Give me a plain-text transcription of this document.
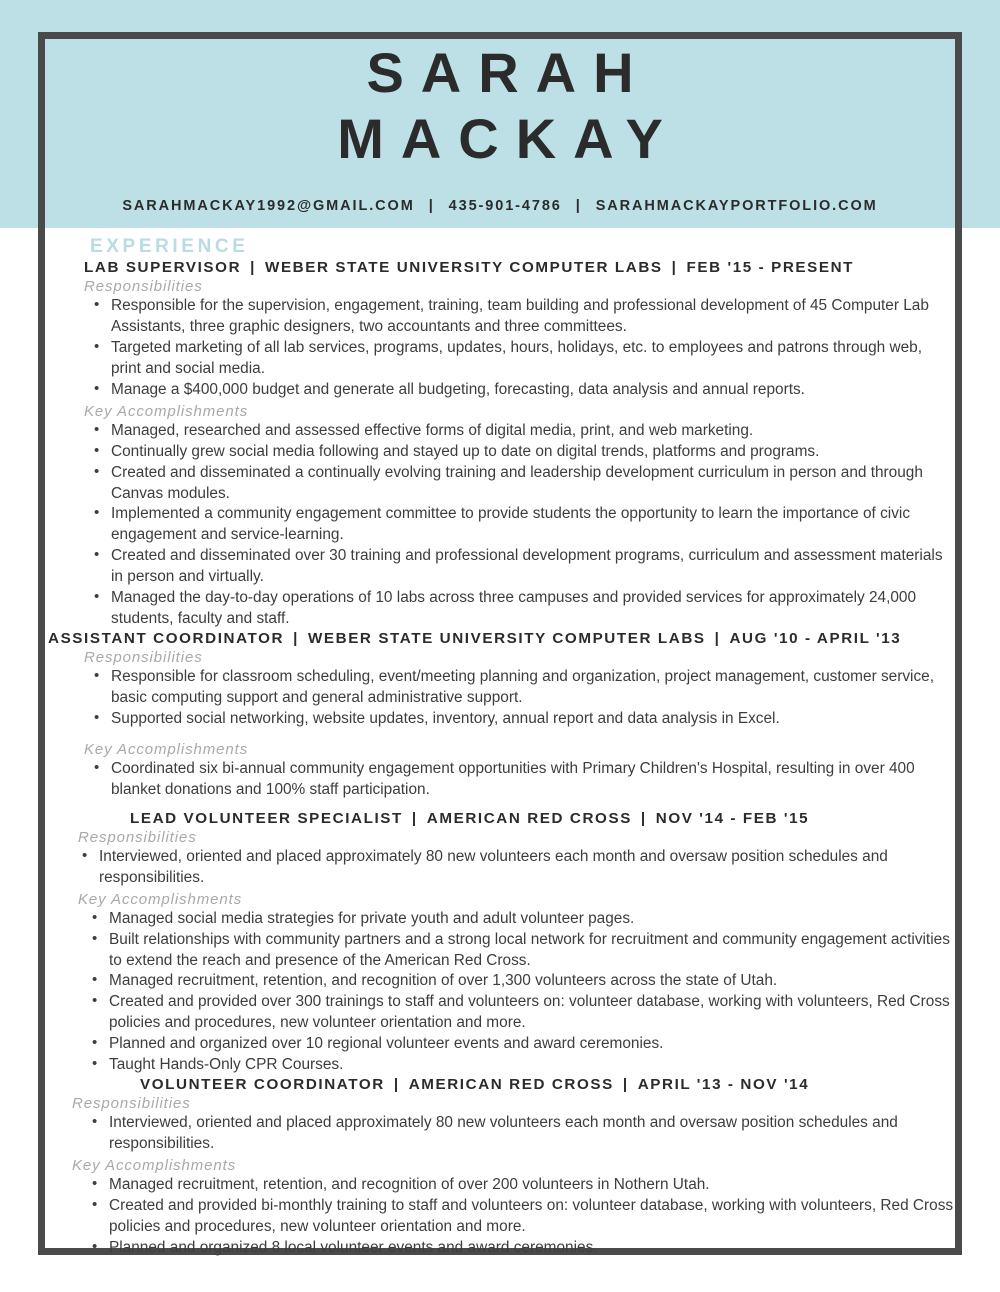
SARAH
MACKAY
SARAHMACKAY1992@GMAIL.COM | 435-901-4786 | SARAHMACKAYPORTFOLIO.COM
EXPERIENCE
LAB SUPERVISOR | WEBER STATE UNIVERSITY COMPUTER LABS | FEB '15 - PRESENT
Responsibilities
• Responsible for the supervision, engagement, training, team building and professional development of 45 Computer Lab Assistants, three graphic designers, two accountants and three committees.
• Targeted marketing of all lab services, programs, updates, hours, holidays, etc. to employees and patrons through web, print and social media.
• Manage a $400,000 budget and generate all budgeting, forecasting, data analysis and annual reports.
Key Accomplishments
• Managed, researched and assessed effective forms of digital media, print, and web marketing.
• Continually grew social media following and stayed up to date on digital trends, platforms and programs.
• Created and disseminated a continually evolving training and leadership development curriculum in person and through Canvas modules.
• Implemented a community engagement committee to provide students the opportunity to learn the importance of civic engagement and service-learning.
• Created and disseminated over 30 training and professional development programs, curriculum and assessment materials in person and virtually.
• Managed the day-to-day operations of 10 labs across three campuses and provided services for approximately 24,000 students, faculty and staff.
ASSISTANT COORDINATOR | WEBER STATE UNIVERSITY COMPUTER LABS | AUG '10 - APRIL '13
Responsibilities
• Responsible for classroom scheduling, event/meeting planning and organization, project management, customer service, basic computing support and general administrative support.
• Supported social networking, website updates, inventory, annual report and data analysis in Excel.
Key Accomplishments
• Coordinated six bi-annual community engagement opportunities with Primary Children's Hospital, resulting in over 400 blanket donations and 100% staff participation.
LEAD VOLUNTEER SPECIALIST | AMERICAN RED CROSS | NOV '14 - FEB '15
Responsibilities
• Interviewed, oriented and placed approximately 80 new volunteers each month and oversaw position schedules and responsibilities.
Key Accomplishments
• Managed social media strategies for private youth and adult volunteer pages.
• Built relationships with community partners and a strong local network for recruitment and community engagement activities to extend the reach and presence of the American Red Cross.
• Managed recruitment, retention, and recognition of over 1,300 volunteers across the state of Utah.
• Created and provided over 300 trainings to staff and volunteers on: volunteer database, working with volunteers, Red Cross policies and procedures, new volunteer orientation and more.
• Planned and organized over 10 regional volunteer events and award ceremonies.
• Taught Hands-Only CPR Courses.
VOLUNTEER COORDINATOR | AMERICAN RED CROSS | APRIL '13 - NOV '14
Responsibilities
• Interviewed, oriented and placed approximately 80 new volunteers each month and oversaw position schedules and responsibilities.
Key Accomplishments
• Managed recruitment, retention, and recognition of over 200 volunteers in Nothern Utah.
• Created and provided bi-monthly training to staff and volunteers on: volunteer database, working with volunteers, Red Cross policies and procedures, new volunteer orientation and more.
• Planned and organized 8 local volunteer events and award ceremonies.
